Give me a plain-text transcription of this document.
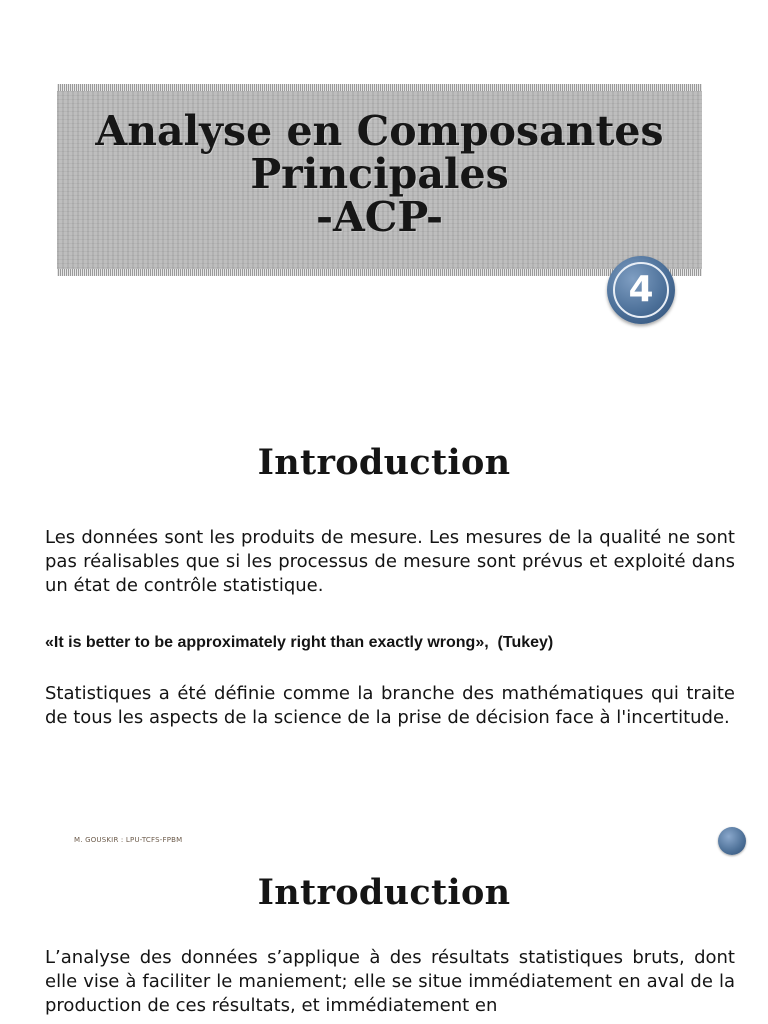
Analyse en Composantes
Principales
-ACP-
4
Introduction
Les données sont les produits de mesure. Les mesures de la qualité ne sont pas réalisables que si les processus de mesure sont prévus et exploité dans un état de contrôle statistique.
«It is better to be approximately right than exactly wrong»,  (Tukey)
Statistiques a été définie comme la branche des mathématiques qui traite de tous les aspects de la science de la prise de décision face à l'incertitude.
M. GOUSKIR : LPU-TCFS-FPBM
Introduction
L’analyse des données s’applique à des résultats statistiques bruts, dont elle vise à faciliter le maniement; elle se situe immédiatement en aval de la production de ces résultats, et immédiatement en
